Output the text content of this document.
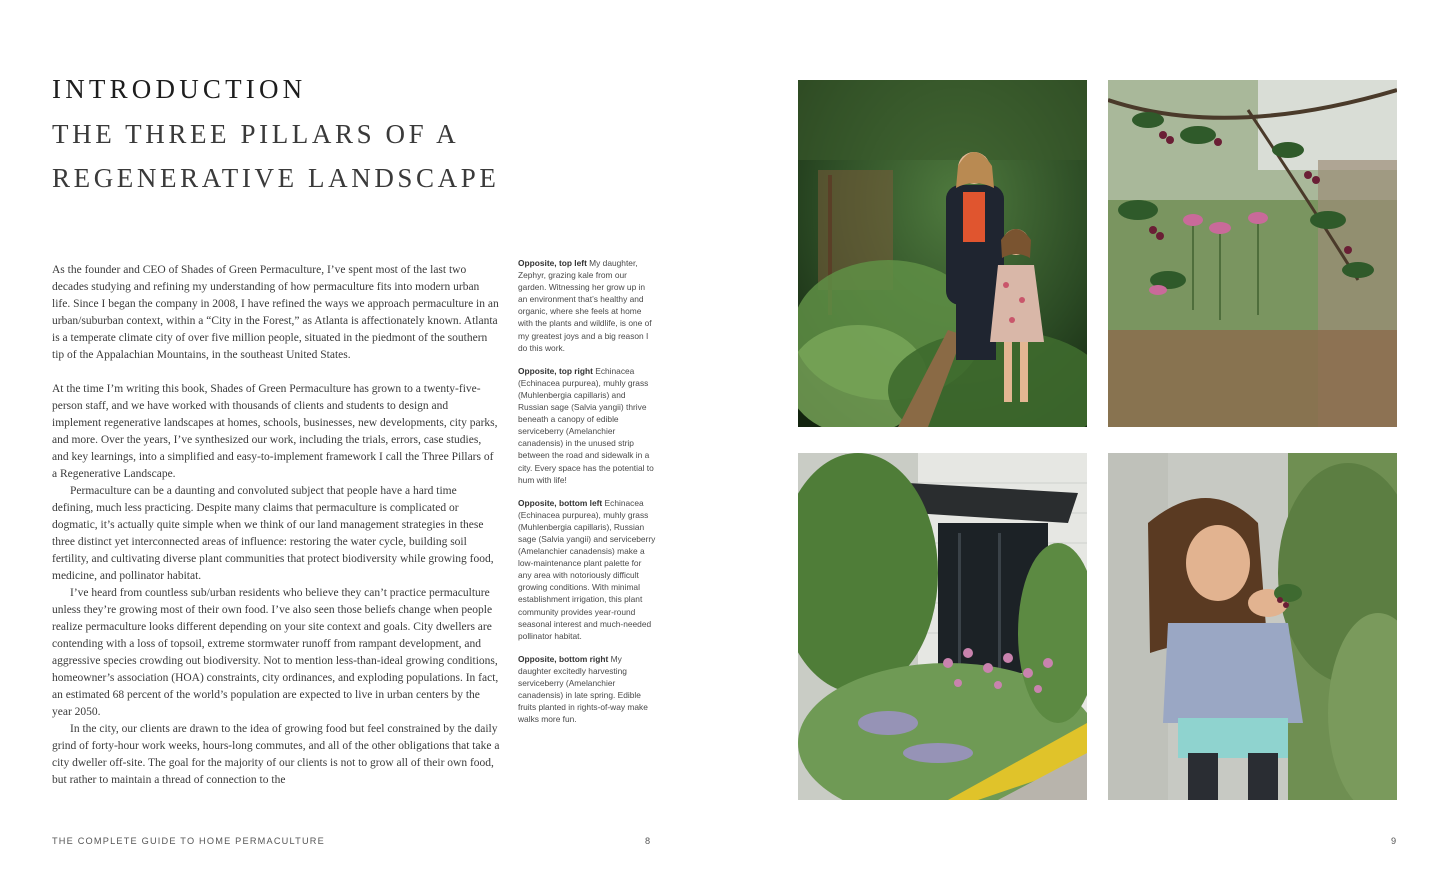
INTRODUCTION
THE THREE PILLARS OF A
REGENERATIVE LANDSCAPE

As the founder and CEO of Shades of Green Permaculture, I’ve spent most of the last two decades studying and refining my understanding of how permaculture fits into modern urban life. Since I began the company in 2008, I have refined the ways we approach permaculture in an urban/suburban context, within a “City in the Forest,” as Atlanta is affectionately known. Atlanta is a temperate climate city of over five million people, situated in the piedmont of the southern tip of the Appalachian Mountains, in the southeast United States.

At the time I’m writing this book, Shades of Green Permaculture has grown to a twenty-five-person staff, and we have worked with thousands of clients and students to design and implement regenerative landscapes at homes, schools, businesses, new developments, city parks, and more. Over the years, I’ve synthesized our work, including the trials, errors, case studies, and key learnings, into a simplified and easy-to-implement framework I call the Three Pillars of a Regenerative Landscape.

Permaculture can be a daunting and convoluted subject that people have a hard time defining, much less practicing. Despite many claims that permaculture is complicated or dogmatic, it’s actually quite simple when we think of our land management strategies in these three distinct yet interconnected areas of influence: restoring the water cycle, building soil fertility, and cultivating diverse plant communities that protect biodiversity while growing food, medicine, and pollinator habitat.

I’ve heard from countless sub/urban residents who believe they can’t practice permaculture unless they’re growing most of their own food. I’ve also seen those beliefs change when people realize permaculture looks different depending on your site context and goals. City dwellers are contending with a loss of topsoil, extreme stormwater runoff from rampant development, and aggressive species crowding out biodiversity. Not to mention less-than-ideal growing conditions, homeowner’s association (HOA) constraints, city ordinances, and exploding populations. In fact, an estimated 68 percent of the world’s population are expected to live in urban centers by the year 2050.

In the city, our clients are drawn to the idea of growing food but feel constrained by the daily grind of forty-hour work weeks, hours-long commutes, and all of the other obligations that take a city dweller off-site. The goal for the majority of our clients is not to grow all of their own food, but rather to maintain a thread of connection to the

Opposite, top left My daughter, Zephyr, grazing kale from our garden. Witnessing her grow up in an environment that’s healthy and organic, where she feels at home with the plants and wildlife, is one of my greatest joys and a big reason I do this work.
Opposite, top right Echinacea (Echinacea purpurea), muhly grass (Muhlenbergia capillaris) and Russian sage (Salvia yangii) thrive beneath a canopy of edible serviceberry (Amelanchier canadensis) in the unused strip between the road and sidewalk in a city. Every space has the potential to hum with life!
Opposite, bottom left Echinacea (Echinacea purpurea), muhly grass (Muhlenbergia capillaris), Russian sage (Salvia yangii) and serviceberry (Amelanchier canadensis) make a low-maintenance plant palette for any area with notoriously difficult growing conditions. With minimal establishment irrigation, this plant community provides year-round seasonal interest and much-needed pollinator habitat.
Opposite, bottom right My daughter excitedly harvesting serviceberry (Amelanchier canadensis) in late spring. Edible fruits planted in rights-of-way make walks more fun.
THE COMPLETE GUIDE TO HOME PERMACULTURE	8	9
